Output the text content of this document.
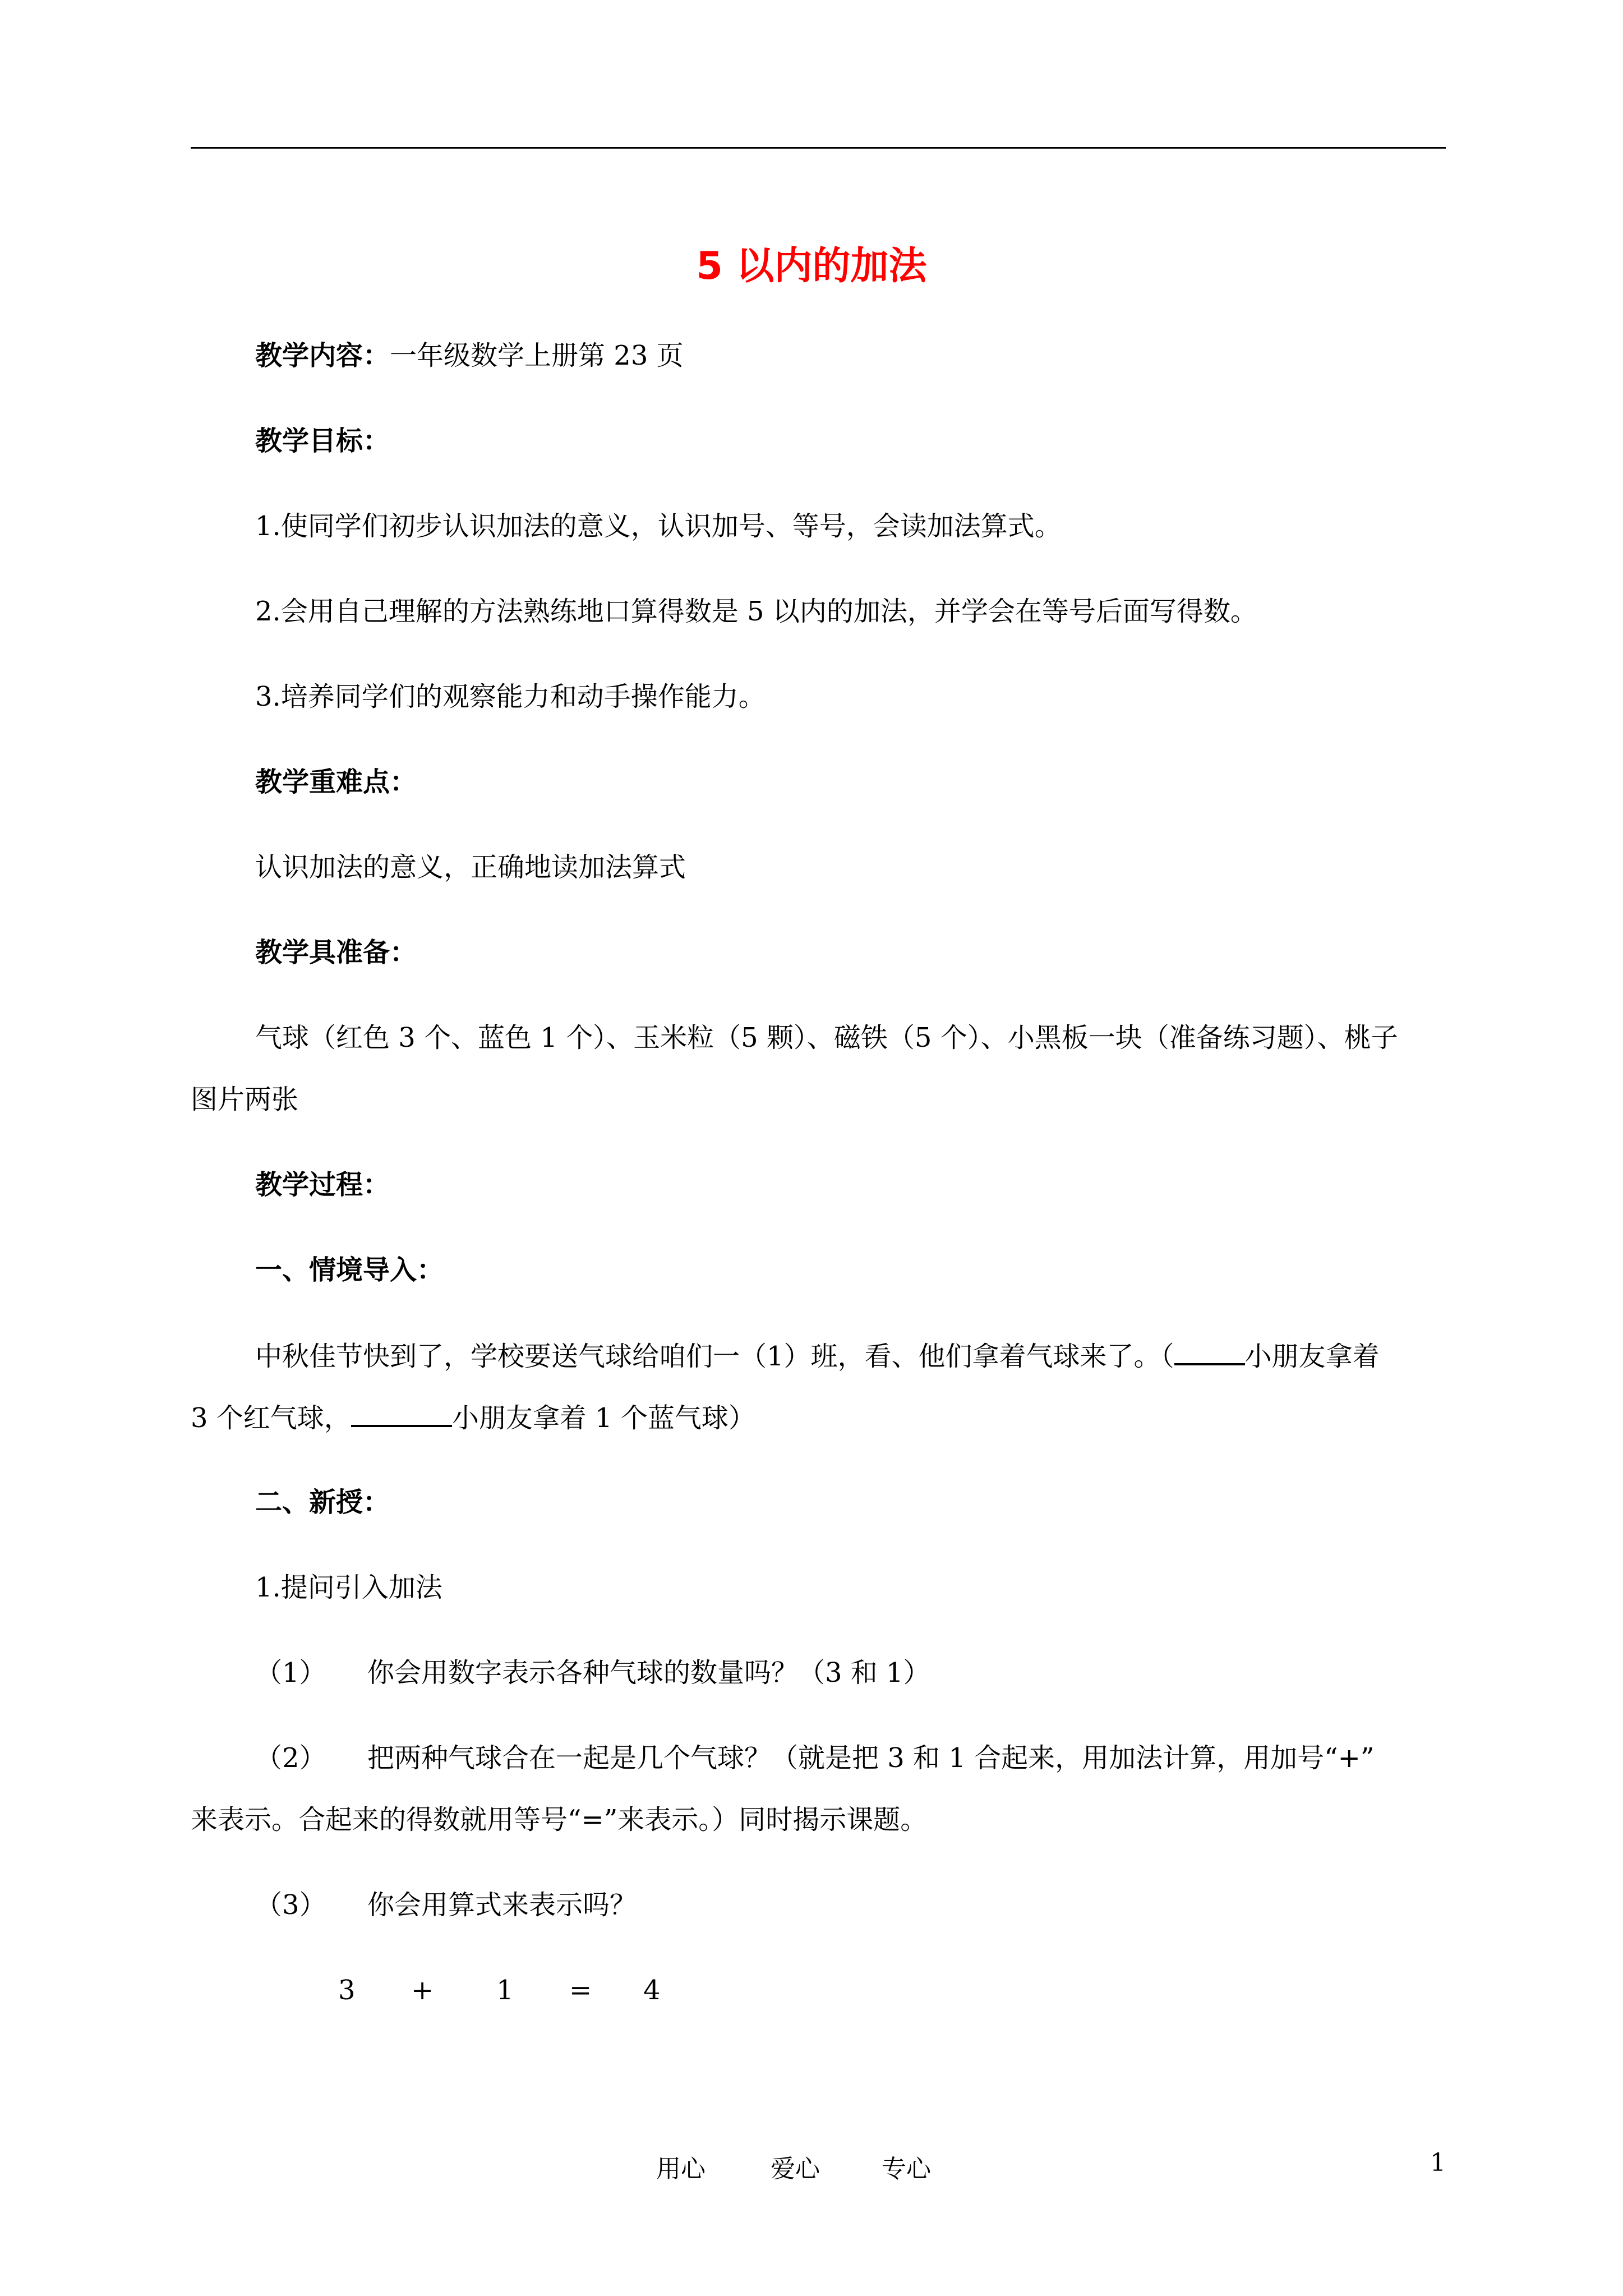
5 以内的加法
教学内容：一年级数学上册第 23 页
教学目标：
1.使同学们初步认识加法的意义，认识加号、等号，会读加法算式。
2.会用自己理解的方法熟练地口算得数是 5 以内的加法，并学会在等号后面写得数。
3.培养同学们的观察能力和动手操作能力。
教学重难点：
认识加法的意义，正确地读加法算式
教学具准备：
气球（红色 3 个、蓝色 1 个）、玉米粒（5 颗）、磁铁（5 个）、小黑板一块（准备练习题）、桃子
图片两张
教学过程：
一、情境导入：
中秋佳节快到了，学校要送气球给咱们一（1）班，看、他们拿着气球来了。（	小朋友拿着
3 个红气球，	小朋友拿着 1 个蓝气球）
二、新授：
1.提问引入加法
（1） 你会用数字表示各种气球的数量吗？（3 和 1）
（2） 把两种气球合在一起是几个气球？（就是把 3 和 1 合起来，用加法计算，用加号“+”
来表示。合起来的得数就用等号“=”来表示。）同时揭示课题。
（3） 你会用算式来表示吗？
3 + 1 = 4
用心	爱心	专心	1
